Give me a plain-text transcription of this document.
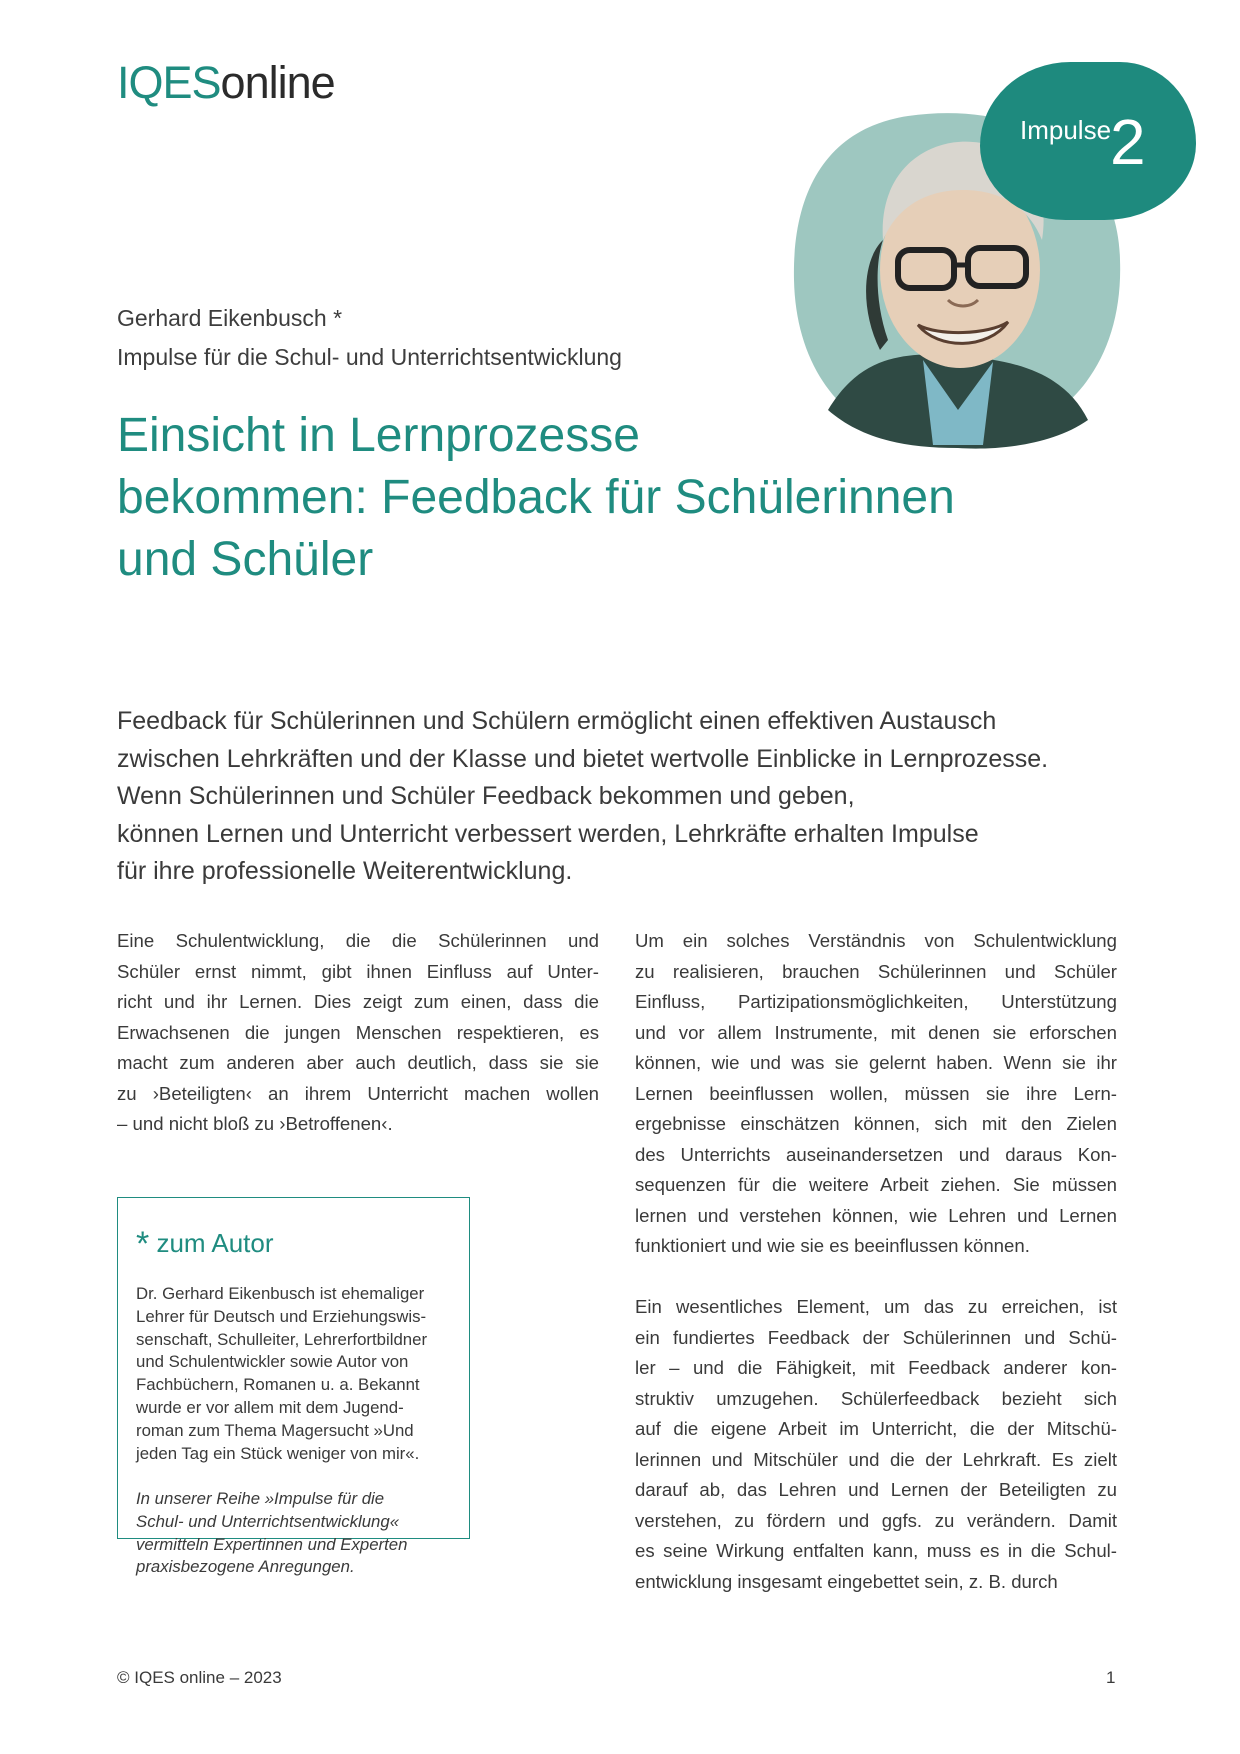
IQESonline
Impulse
2
Gerhard Eikenbusch *
Impulse für die Schul- und Unterrichtsentwicklung
Einsicht in Lernprozesse
bekommen: Feedback für Schülerinnen
und Schüler
Feedback für Schülerinnen und Schülern ermöglicht einen effektiven Austausch
zwischen Lehrkräften und der Klasse und bietet wertvolle Einblicke in Lernprozesse.
Wenn Schülerinnen und Schüler Feedback bekommen und geben,
können Lernen und Unterricht verbessert werden, Lehrkräfte erhalten Impulse
für ihre professionelle Weiterentwicklung.
Eine Schulentwicklung, die die Schülerinnen und
Schüler ernst nimmt, gibt ihnen Einfluss auf Unter-
richt und ihr Lernen. Dies zeigt zum einen, dass die
Erwachsenen die jungen Menschen respektieren, es
macht zum anderen aber auch deutlich, dass sie sie
zu ›Beteiligten‹ an ihrem Unterricht machen wollen
– und nicht bloß zu ›Betroffenen‹.
* zum Autor
Dr. Gerhard Eikenbusch ist ehemaliger
Lehrer für Deutsch und Erziehungswis-
senschaft, Schulleiter, Lehrerfortbildner
und Schulentwickler sowie Autor von
Fachbüchern, Romanen u. a. Bekannt
wurde er vor allem mit dem Jugend-
roman zum Thema Magersucht »Und
jeden Tag ein Stück weniger von mir«.
In unserer Reihe »Impulse für die
Schul- und Unterrichtsentwicklung«
vermitteln Expertinnen und Experten
praxisbezogene Anregungen.
Um ein solches Verständnis von Schulentwicklung
zu realisieren, brauchen Schülerinnen und Schüler
Einfluss, Partizipationsmöglichkeiten, Unterstützung
und vor allem Instrumente, mit denen sie erforschen
können, wie und was sie gelernt haben. Wenn sie ihr
Lernen beeinflussen wollen, müssen sie ihre Lern-
ergebnisse einschätzen können, sich mit den Zielen
des Unterrichts auseinandersetzen und daraus Kon-
sequenzen für die weitere Arbeit ziehen. Sie müssen
lernen und verstehen können, wie Lehren und Lernen
funktioniert und wie sie es beeinflussen können.
Ein wesentliches Element, um das zu erreichen, ist
ein fundiertes Feedback der Schülerinnen und Schü-
ler – und die Fähigkeit, mit Feedback anderer kon-
struktiv umzugehen. Schülerfeedback bezieht sich
auf die eigene Arbeit im Unterricht, die der Mitschü-
lerinnen und Mitschüler und die der Lehrkraft. Es zielt
darauf ab, das Lehren und Lernen der Beteiligten zu
verstehen, zu fördern und ggfs. zu verändern. Damit
es seine Wirkung entfalten kann, muss es in die Schul-
entwicklung insgesamt eingebettet sein, z. B. durch
© IQES online – 2023	1
